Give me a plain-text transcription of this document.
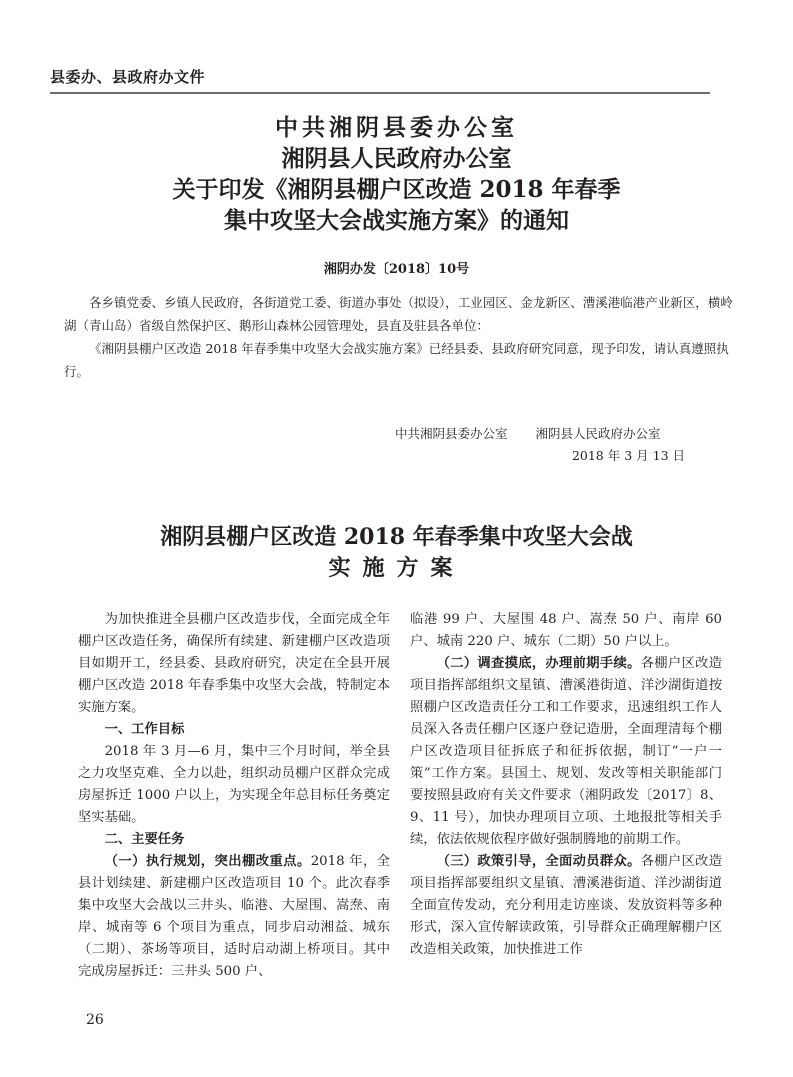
县委办、县政府办文件
中共湘阴县委办公室
湘阴县人民政府办公室
关于印发《湘阴县棚户区改造 2018 年春季
集中攻坚大会战实施方案》的通知
湘阴办发〔2018〕10号

各乡镇党委、乡镇人民政府，各街道党工委、街道办事处（拟设），工业园区、金龙新区、漕溪港临港产业新区，横岭湖（青山岛）省级自然保护区、鹅形山森林公园管理处，县直及驻县各单位：

《湘阴县棚户区改造 2018 年春季集中攻坚大会战实施方案》已经县委、县政府研究同意，现予印发，请认真遵照执行。

中共湘阴县委办公室 湘阴县人民政府办公室
2018 年 3 月 13 日
湘阴县棚户区改造 2018 年春季集中攻坚大会战
实施方案

为加快推进全县棚户区改造步伐，全面完成全年棚户区改造任务，确保所有续建、新建棚户区改造项目如期开工，经县委、县政府研究，决定在全县开展棚户区改造 2018 年春季集中攻坚大会战，特制定本实施方案。

一、工作目标

2018 年 3 月—6 月，集中三个月时间，举全县之力攻坚克难、全力以赴，组织动员棚户区群众完成房屋拆迁 1000 户以上，为实现全年总目标任务奠定坚实基础。

二、主要任务

（一）执行规划，突出棚改重点。2018 年，全县计划续建、新建棚户区改造项目 10 个。此次春季集中攻坚大会战以三井头、临港、大屋围、嵩焘、南岸、城南等 6 个项目为重点，同步启动湘益、城东（二期）、茶场等项目，适时启动湖上桥项目。其中完成房屋拆迁：三井头 500 户、

临港 99 户、大屋围 48 户、嵩焘 50 户、南岸 60 户、城南 220 户、城东（二期）50 户以上。

（二）调查摸底，办理前期手续。各棚户区改造项目指挥部组织文星镇、漕溪港街道、洋沙湖街道按照棚户区改造责任分工和工作要求，迅速组织工作人员深入各责任棚户区逐户登记造册，全面理清每个棚户区改造项目征拆底子和征拆依据，制订“一户一策”工作方案。县国土、规划、发改等相关职能部门要按照县政府有关文件要求（湘阴政发〔2017〕8、9、11 号），加快办理项目立项、土地报批等相关手续，依法依规依程序做好强制腾地的前期工作。

（三）政策引导，全面动员群众。各棚户区改造项目指挥部要组织文星镇、漕溪港街道、洋沙湖街道全面宣传发动，充分利用走访座谈、发放资料等多种形式，深入宣传解读政策，引导群众正确理解棚户区改造相关政策，加快推进工作

26
